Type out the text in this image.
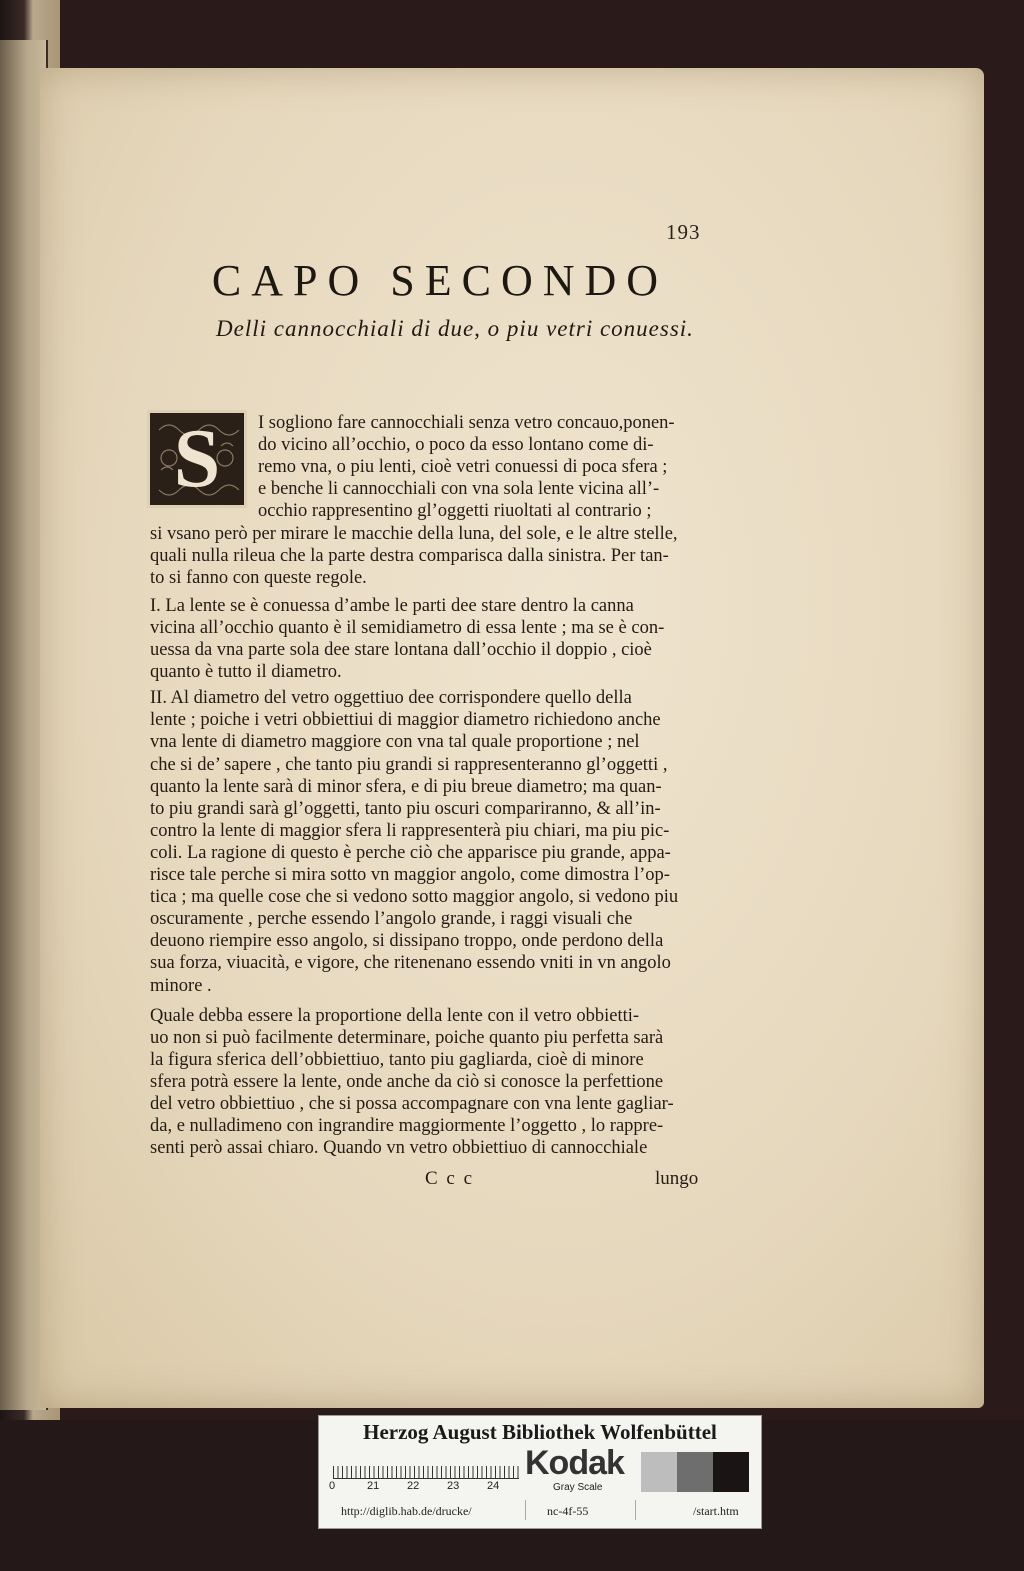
193
CAPO SECONDO
Delli cannocchiali di due, o piu vetri conuessi.
S	I sogliono fare cannocchiali senza vetro concauo,ponen-
do vicino all’occhio, o poco da esso lontano come di-
remo vna, o piu lenti, cioè vetri conuessi di poca sfera ;
e benche li cannocchiali con vna sola lente vicina all’-
occhio rappresentino gl’oggetti riuoltati al contrario ;
si vsano però per mirare le macchie della luna, del sole, e le altre stelle,
quali nulla rileua che la parte destra comparisca dalla sinistra. Per tan-
to si fanno con queste regole.
I. La lente se è conuessa d’ambe le parti dee stare dentro la canna
vicina all’occhio quanto è il semidiametro di essa lente ; ma se è con-
uessa da vna parte sola dee stare lontana dall’occhio il doppio , cioè
quanto è tutto il diametro.
II. Al diametro del vetro oggettiuo dee corrispondere quello della
lente ; poiche i vetri obbiettiui di maggior diametro richiedono anche
vna lente di diametro maggiore con vna tal quale proportione ; nel
che si de’ sapere , che tanto piu grandi si rappresenteranno gl’oggetti ,
quanto la lente sarà di minor sfera, e di piu breue diametro; ma quan-
to piu grandi sarà gl’oggetti, tanto piu oscuri compariranno, & all’in-
contro la lente di maggior sfera li rappresenterà piu chiari, ma piu pic-
coli. La ragione di questo è perche ciò che apparisce piu grande, appa-
risce tale perche si mira sotto vn maggior angolo, come dimostra l’op-
tica ; ma quelle cose che si vedono sotto maggior angolo, si vedono piu
oscuramente , perche essendo l’angolo grande, i raggi visuali che
deuono riempire esso angolo, si dissipano troppo, onde perdono della
sua forza, viuacità, e vigore, che ritenenano essendo vniti in vn angolo
minore .
Quale debba essere la proportione della lente con il vetro obbietti-
uo non si può facilmente determinare, poiche quanto piu perfetta sarà
la figura sferica dell’obbiettiuo, tanto piu gagliarda, cioè di minore
sfera potrà essere la lente, onde anche da ciò si conosce la perfettione
del vetro obbiettiuo , che si possa accompagnare con vna lente gagliar-
da, e nulladimeno con ingrandire maggiormente l’oggetto , lo rappre-
senti però assai chiaro. Quando vn vetro obbiettiuo di cannocchiale
C c c	lungo
Herzog August Bibliothek Wolfenbüttel
0	21	22	23	24
Kodak
Gray Scale
http://diglib.hab.de/drucke/	nc-4f-55	/start.htm
